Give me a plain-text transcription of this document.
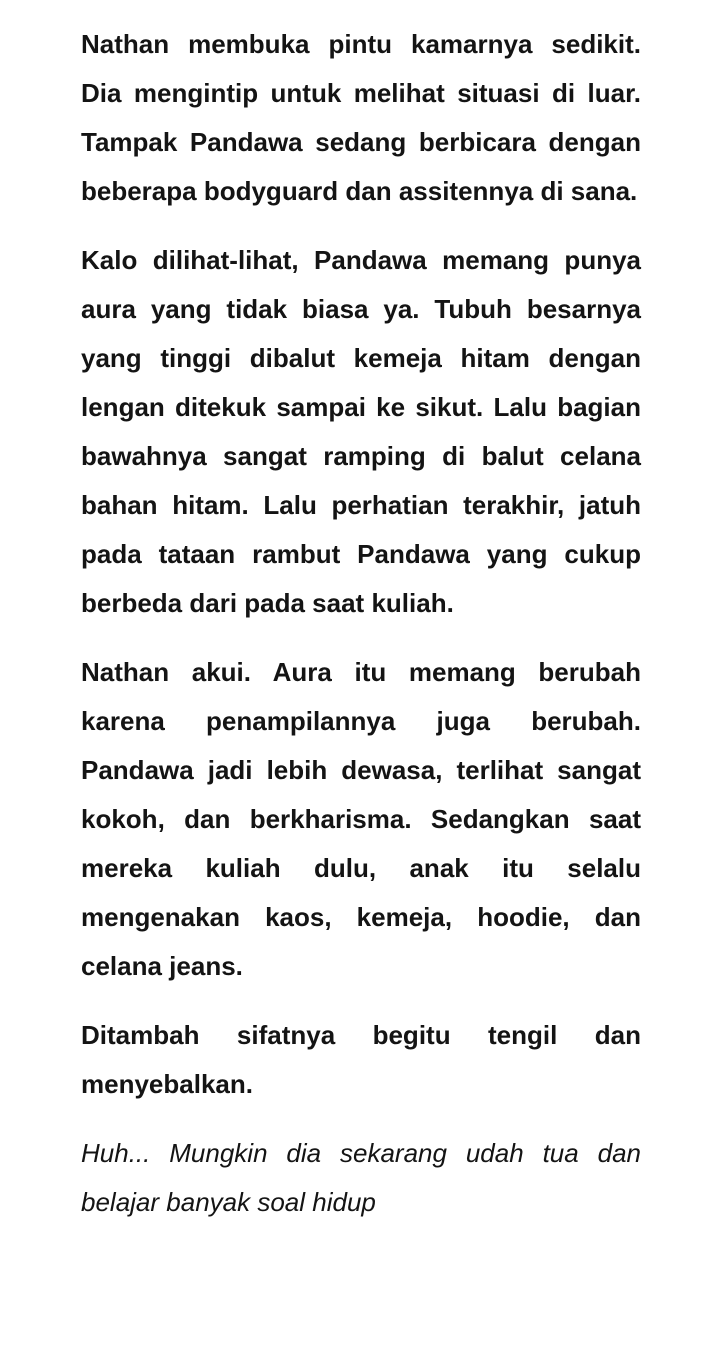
Nathan membuka pintu kamarnya sedikit. Dia mengintip untuk melihat situasi di luar. Tampak Pandawa sedang berbicara dengan beberapa bodyguard dan assitennya di sana.

Kalo dilihat-lihat, Pandawa memang punya aura yang tidak biasa ya. Tubuh besarnya yang tinggi dibalut kemeja hitam dengan lengan ditekuk sampai ke sikut. Lalu bagian bawahnya sangat ramping di balut celana bahan hitam. Lalu perhatian terakhir, jatuh pada tataan rambut Pandawa yang cukup berbeda dari pada saat kuliah.

Nathan akui. Aura itu memang berubah karena penampilannya juga berubah. Pandawa jadi lebih dewasa, terlihat sangat kokoh, dan berkharisma. Sedangkan saat mereka kuliah dulu, anak itu selalu mengenakan kaos, kemeja, hoodie, dan celana jeans.

Ditambah sifatnya begitu tengil dan menyebalkan.

Huh... Mungkin dia sekarang udah tua dan belajar banyak soal hidup
